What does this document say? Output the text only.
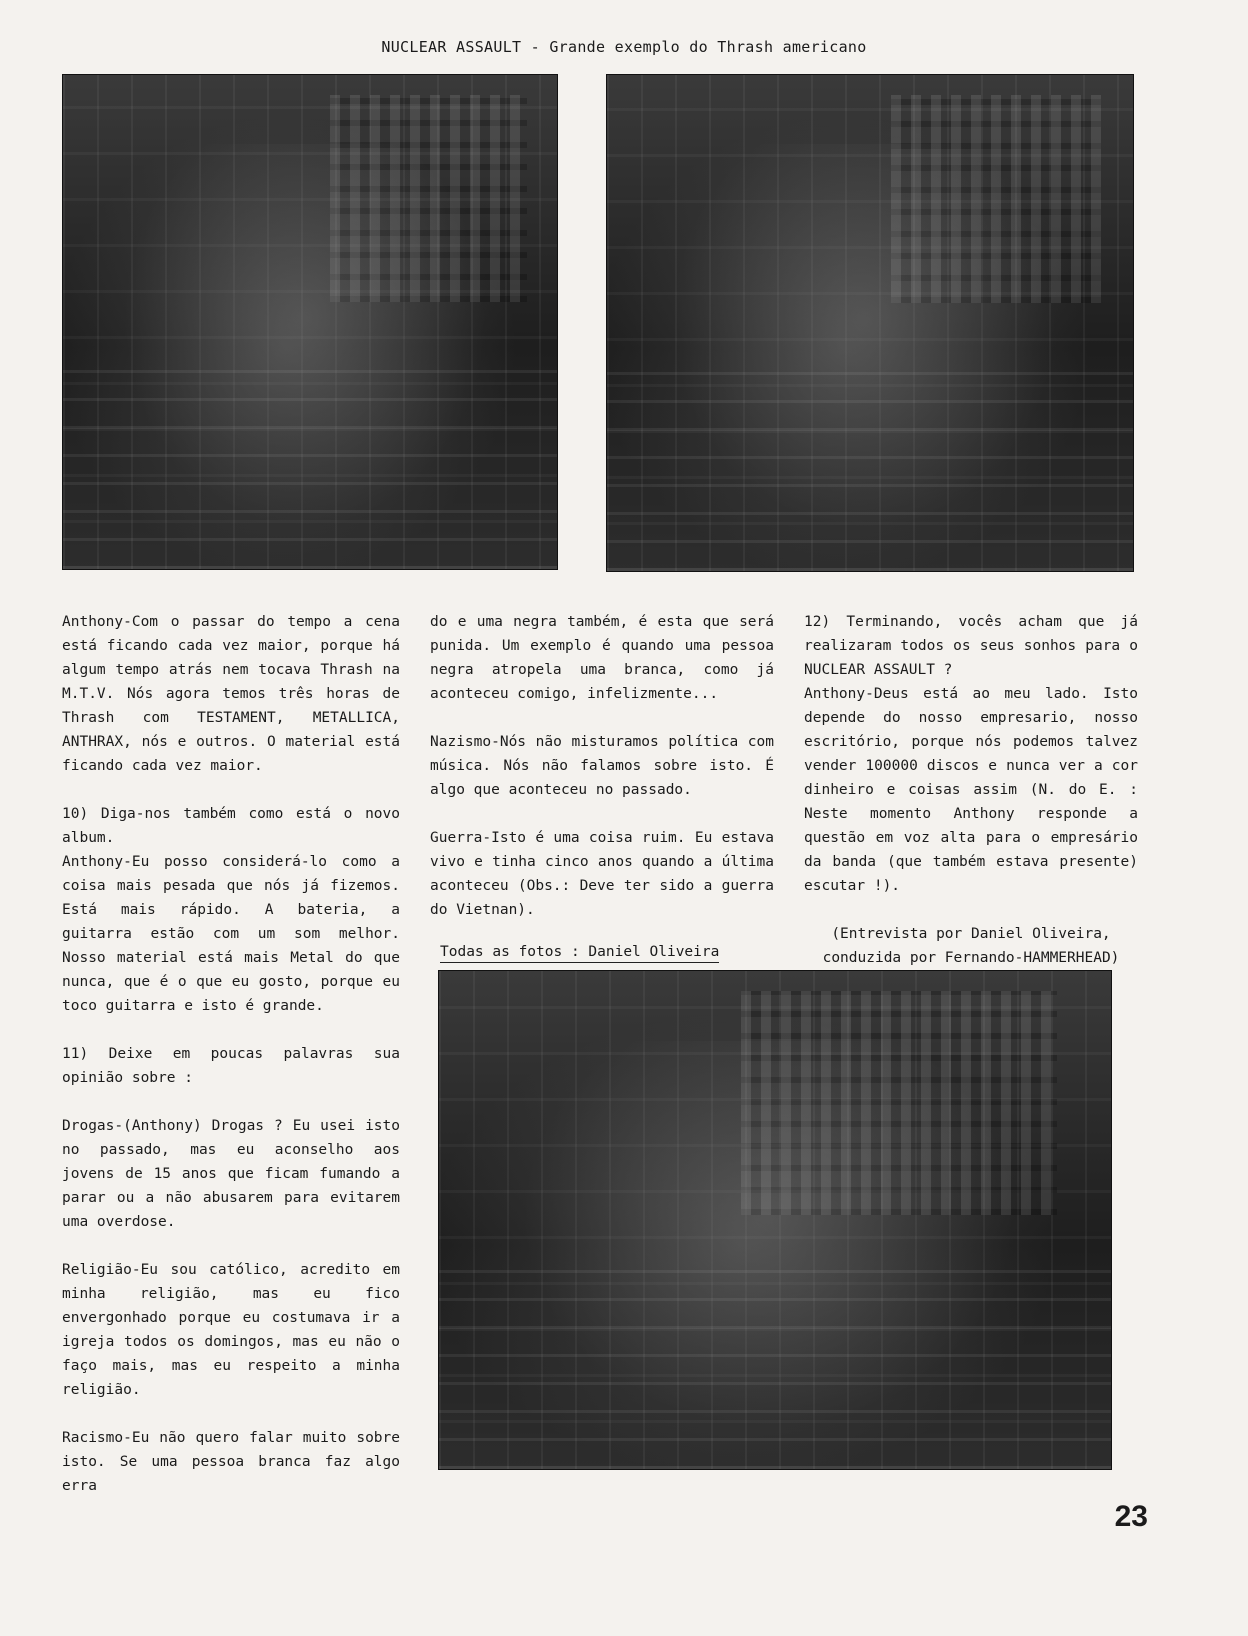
NUCLEAR ASSAULT - Grande exemplo do Thrash americano

Anthony-Com o passar do tempo a cena está ficando cada vez maior, porque há algum tempo atrás nem tocava Thrash na M.T.V. Nós agora temos três horas de Thrash com TESTAMENT, METALLICA, ANTHRAX, nós e outros. O material está ficando cada vez maior.

10) Diga-nos também como está o novo album.
Anthony-Eu posso considerá-lo como a coisa mais pesada que nós já fizemos. Está mais rápido. A bateria, a guitarra estão com um som melhor. Nosso material está mais Metal do que nunca, que é o que eu gosto, porque eu toco guitarra e isto é grande.

11) Deixe em poucas palavras sua opinião sobre :

Drogas-(Anthony) Drogas ? Eu usei isto no passado, mas eu aconselho aos jovens de 15 anos que ficam fumando a parar ou a não abusarem para evitarem uma overdose.

Religião-Eu sou católico, acredito em minha religião, mas eu fico envergonhado porque eu costumava ir a igreja todos os domingos, mas eu não o faço mais, mas eu respeito a minha religião.

Racismo-Eu não quero falar muito sobre isto. Se uma pessoa branca faz algo erra

do e uma negra também, é esta que será punida. Um exemplo é quando uma pessoa negra atropela uma branca, como já aconteceu comigo, infelizmente...

Nazismo-Nós não misturamos política com música. Nós não falamos sobre isto. É algo que aconteceu no passado.

Guerra-Isto é uma coisa ruim. Eu estava vivo e tinha cinco anos quando a última aconteceu (Obs.: Deve ter sido a guerra do Vietnan).

Todas as fotos : Daniel Oliveira

12) Terminando, vocês acham que já realizaram todos os seus sonhos para o NUCLEAR ASSAULT ?
Anthony-Deus está ao meu lado. Isto depende do nosso empresario, nosso escritório, porque nós podemos talvez vender 100000 discos e nunca ver a cor dinheiro e coisas assim (N. do E. : Neste momento Anthony responde a questão em voz alta para o empresário da banda (que também estava presente) escutar !).

(Entrevista por Daniel Oliveira, conduzida por Fernando-HAMMERHEAD)

23
